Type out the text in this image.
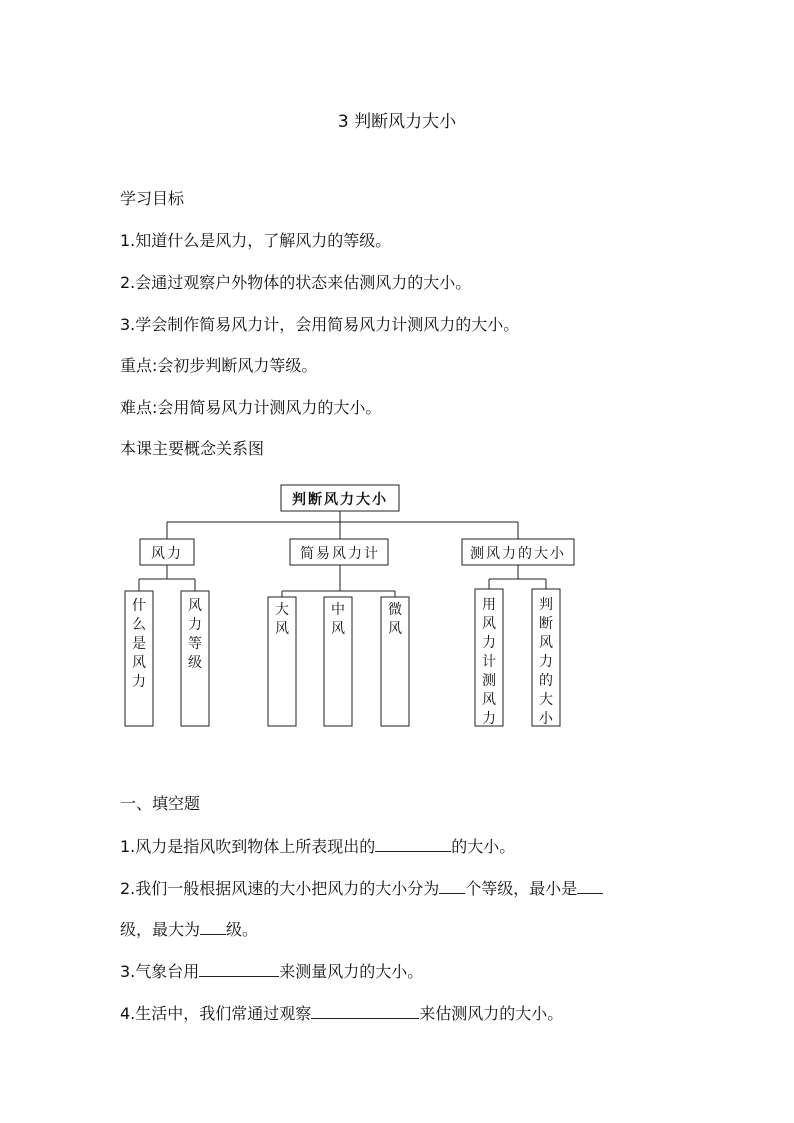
3 判断风力大小
学习目标
1.知道什么是风力，了解风力的等级。
2.会通过观察户外物体的状态来估测风力的大小。
3.学会制作简易风力计，会用简易风力计测风力的大小。
重点:会初步判断风力等级。
难点:会用简易风力计测风力的大小。
本课主要概念关系图
判断风力大小
风力	简易风力计	测风力的大小
什么是风力
风力等级
大风
中风
微风
用风力计测风力
判断风力的大小
一、填空题
1.风力是指风吹到物体上所表现出的	的大小。
2.我们一般根据风速的大小把风力的大小分为 个等级，最小是
级，最大为 级。
3.气象台用	来测量风力的大小。
4.生活中，我们常通过观察	来估测风力的大小。
